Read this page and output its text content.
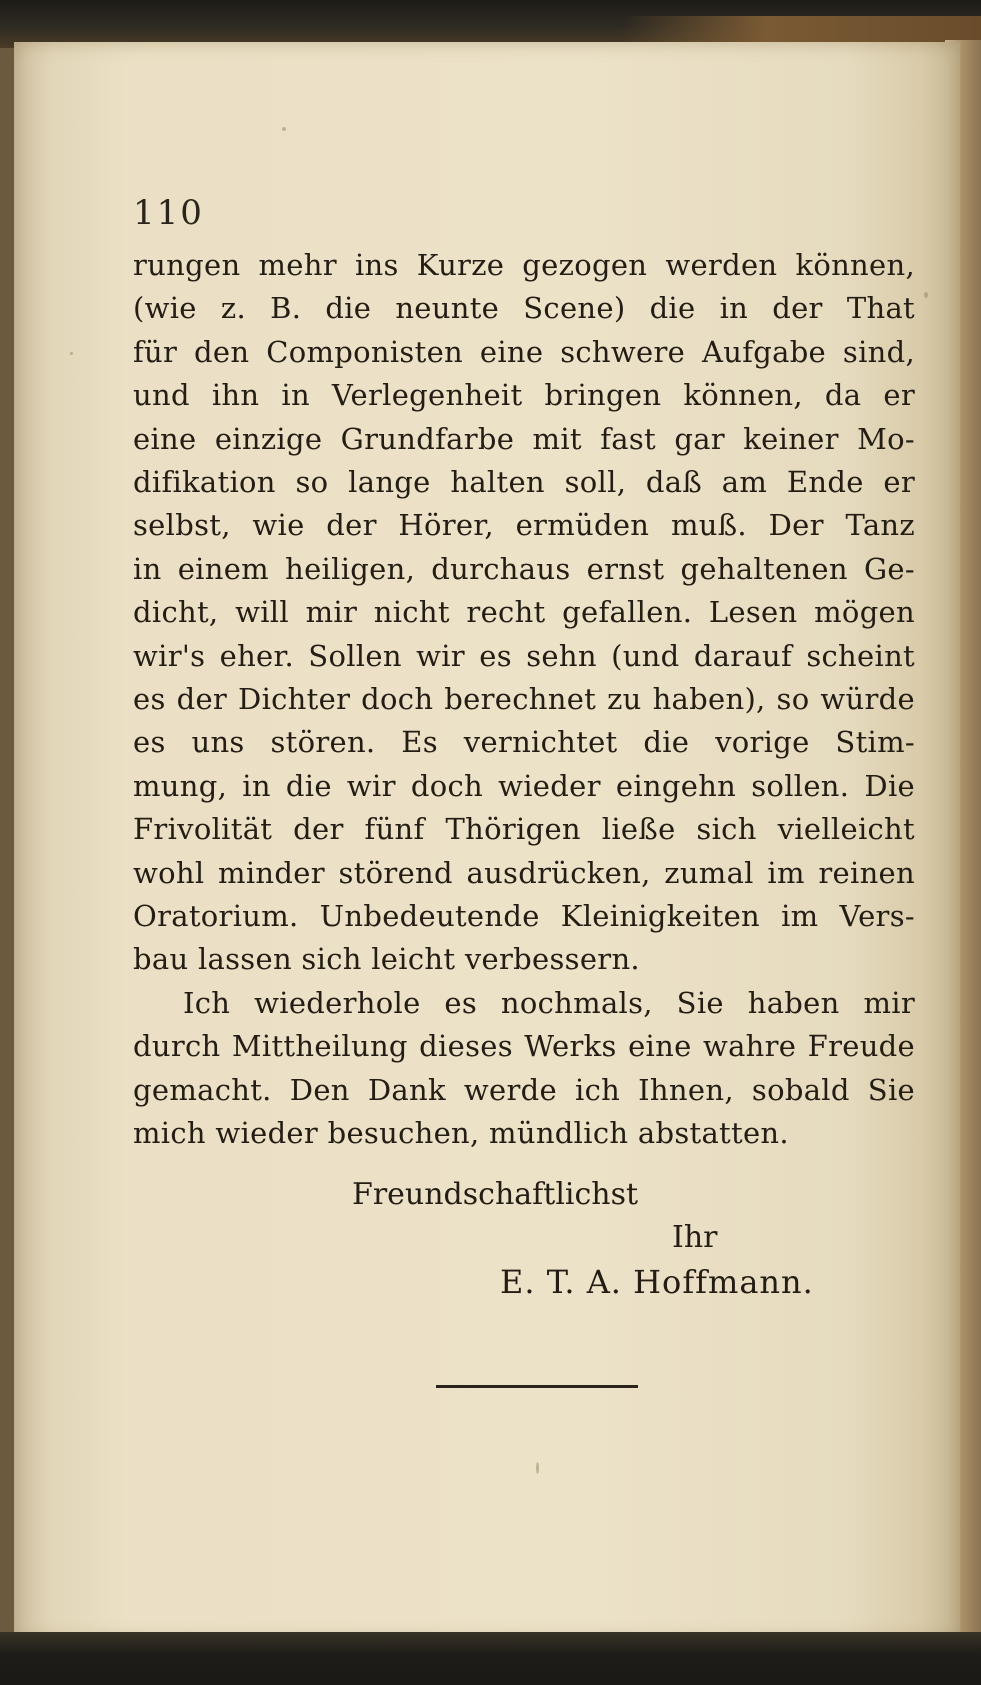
110
rungen mehr ins Kurze gezogen werden können,
(wie z. B. die neunte Scene) die in der That
für den Componisten eine schwere Aufgabe sind,
und ihn in Verlegenheit bringen können, da er
eine einzige Grundfarbe mit fast gar keiner Mo-
difikation so lange halten soll, daß am Ende er
selbst, wie der Hörer, ermüden muß. Der Tanz
in einem heiligen, durchaus ernst gehaltenen Ge-
dicht, will mir nicht recht gefallen. Lesen mögen
wir's eher. Sollen wir es sehn (und darauf scheint
es der Dichter doch berechnet zu haben), so würde
es uns stören. Es vernichtet die vorige Stim-
mung, in die wir doch wieder eingehn sollen. Die
Frivolität der fünf Thörigen ließe sich vielleicht
wohl minder störend ausdrücken, zumal im reinen
Oratorium. Unbedeutende Kleinigkeiten im Vers-
bau lassen sich leicht verbessern.
Ich wiederhole es nochmals, Sie haben mir
durch Mittheilung dieses Werks eine wahre Freude
gemacht. Den Dank werde ich Ihnen, sobald Sie
mich wieder besuchen, mündlich abstatten.
Freundschaftlichst
Ihr
E. T. A. Hoffmann.
